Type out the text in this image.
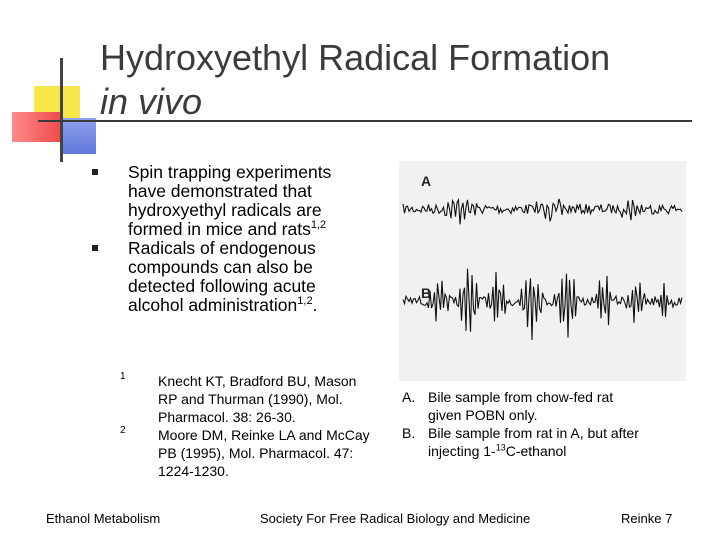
Hydroxyethyl Radical Formation
in vivo

Spin trapping experiments
have demonstrated that
hydroxyethyl radicals are
formed in mice and rats$^{1,2}$

Radicals of endogenous
compounds can also be
detected following acute
alcohol administration$^{1,2}$.

A
B

1 Knecht KT, Bradford BU, Mason
RP and Thurman (1990), Mol.
Pharmacol. 38: 26-30.

2 Moore DM, Reinke LA and McCay
PB (1995), Mol. Pharmacol. 47:
1224-1230.

A. Bile sample from chow-fed rat
given POBN only.

B. Bile sample from rat in A, but after
injecting 1-$^{13}$C-ethanol

Ethanol Metabolism	Society For Free Radical Biology and Medicine	Reinke 7
